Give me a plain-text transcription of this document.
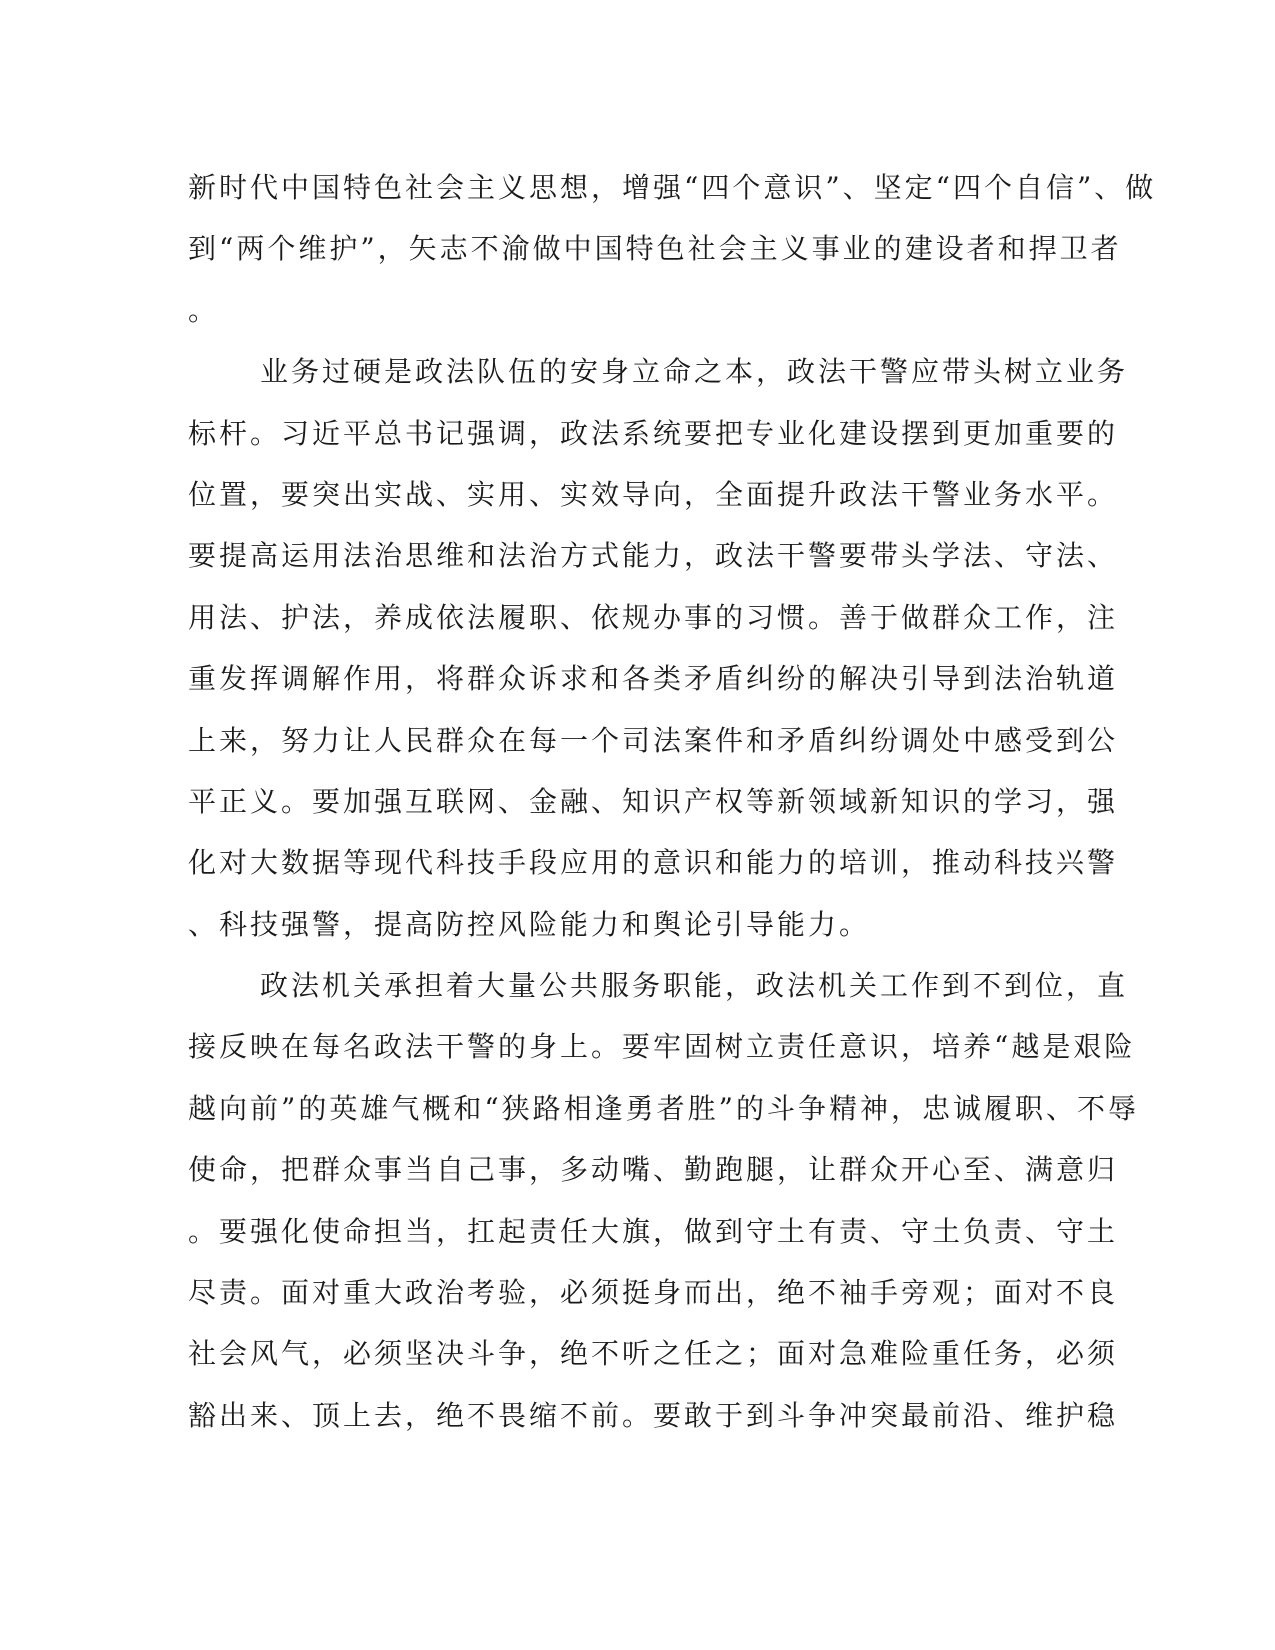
新时代中国特色社会主义思想，增强“四个意识”、坚定“四个自信”、做
到“两个维护”，矢志不渝做中国特色社会主义事业的建设者和捍卫者
。
业务过硬是政法队伍的安身立命之本，政法干警应带头树立业务
标杆。习近平总书记强调，政法系统要把专业化建设摆到更加重要的
位置，要突出实战、实用、实效导向，全面提升政法干警业务水平。
要提高运用法治思维和法治方式能力，政法干警要带头学法、守法、
用法、护法，养成依法履职、依规办事的习惯。善于做群众工作，注
重发挥调解作用，将群众诉求和各类矛盾纠纷的解决引导到法治轨道
上来，努力让人民群众在每一个司法案件和矛盾纠纷调处中感受到公
平正义。要加强互联网、金融、知识产权等新领域新知识的学习，强
化对大数据等现代科技手段应用的意识和能力的培训，推动科技兴警
、科技强警，提高防控风险能力和舆论引导能力。
政法机关承担着大量公共服务职能，政法机关工作到不到位，直
接反映在每名政法干警的身上。要牢固树立责任意识，培养“越是艰险
越向前”的英雄气概和“狭路相逢勇者胜”的斗争精神，忠诚履职、不辱
使命，把群众事当自己事，多动嘴、勤跑腿，让群众开心至、满意归
。要强化使命担当，扛起责任大旗，做到守土有责、守土负责、守土
尽责。面对重大政治考验，必须挺身而出，绝不袖手旁观；面对不良
社会风气，必须坚决斗争，绝不听之任之；面对急难险重任务，必须
豁出来、顶上去，绝不畏缩不前。要敢于到斗争冲突最前沿、维护稳
